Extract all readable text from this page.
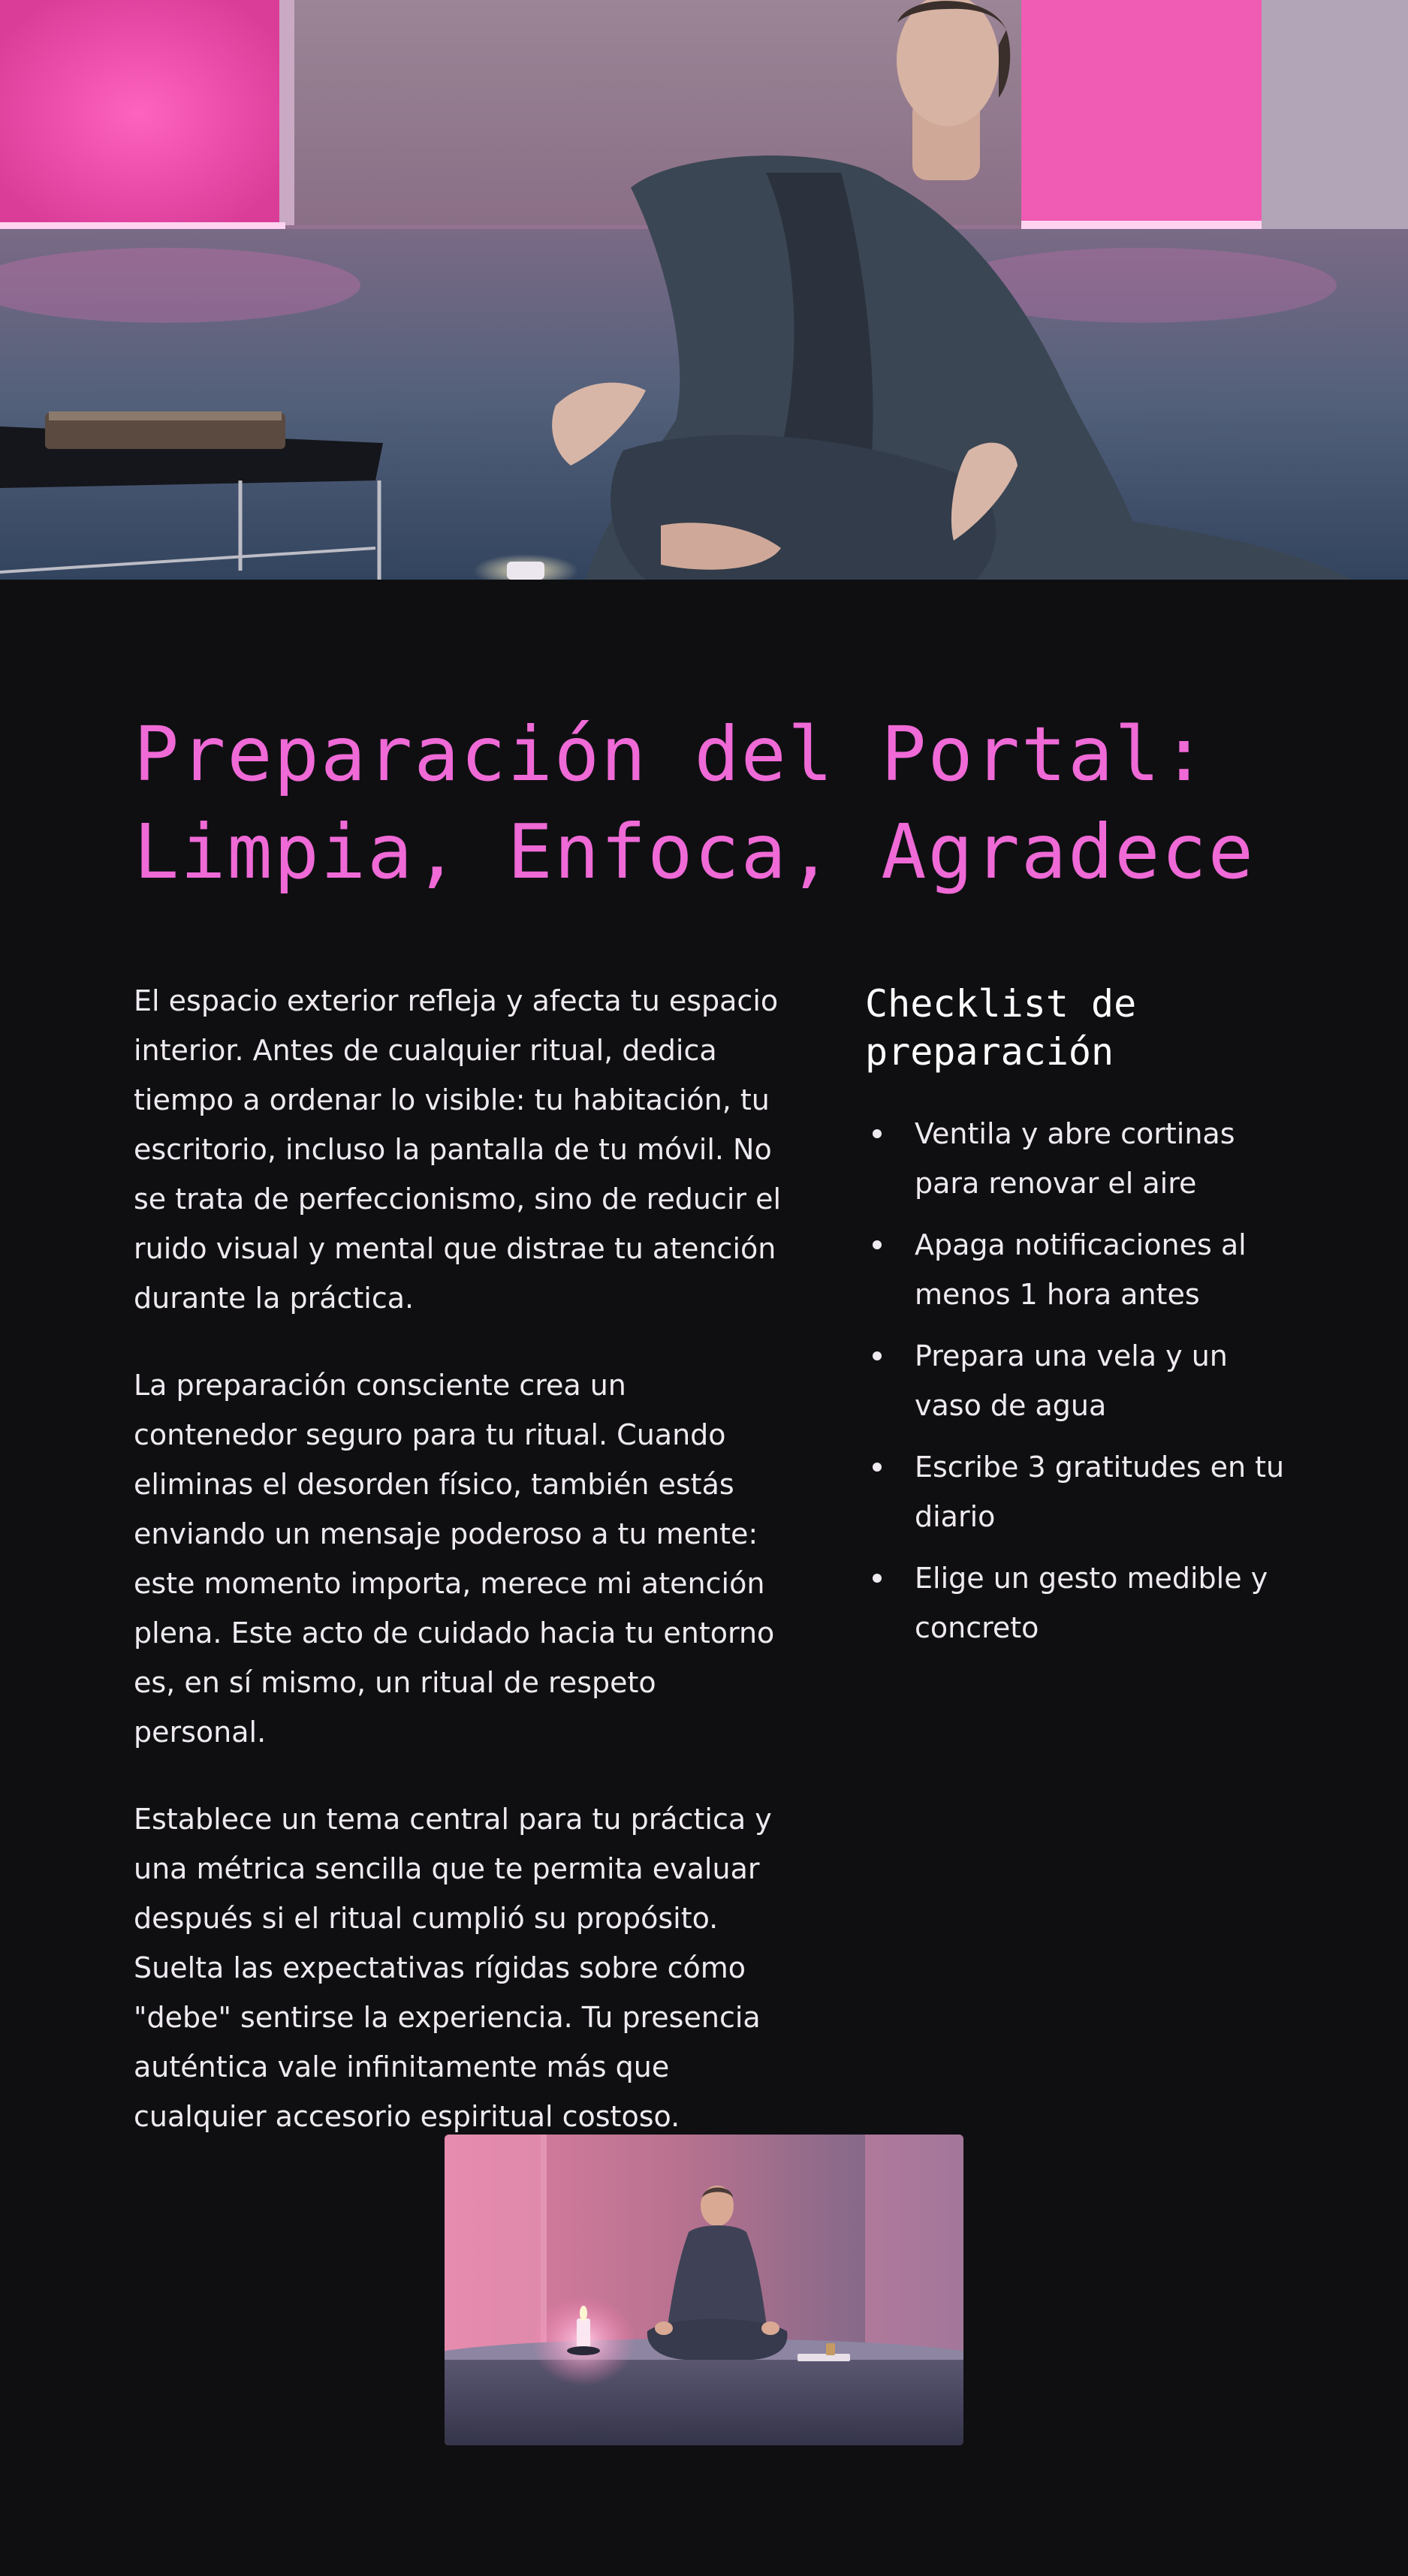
Preparación del Portal:
Limpia, Enfoca, Agradece

El espacio exterior refleja y afecta tu espacio interior. Antes de cualquier ritual, dedica tiempo a ordenar lo visible: tu habitación, tu escritorio, incluso la pantalla de tu móvil. No se trata de perfeccionismo, sino de reducir el ruido visual y mental que distrae tu atención durante la práctica.

La preparación consciente crea un contenedor seguro para tu ritual. Cuando eliminas el desorden físico, también estás enviando un mensaje poderoso a tu mente: este momento importa, merece mi atención plena. Este acto de cuidado hacia tu entorno es, en sí mismo, un ritual de respeto personal.

Establece un tema central para tu práctica y una métrica sencilla que te permita evaluar después si el ritual cumplió su propósito. Suelta las expectativas rígidas sobre cómo "debe" sentirse la experiencia. Tu presencia auténtica vale infinitamente más que cualquier accesorio espiritual costoso.

Checklist de preparación
Ventila y abre cortinas para renovar el aire
Apaga notificaciones al menos 1 hora antes
Prepara una vela y un vaso de agua
Escribe 3 gratitudes en tu diario
Elige un gesto medible y concreto
